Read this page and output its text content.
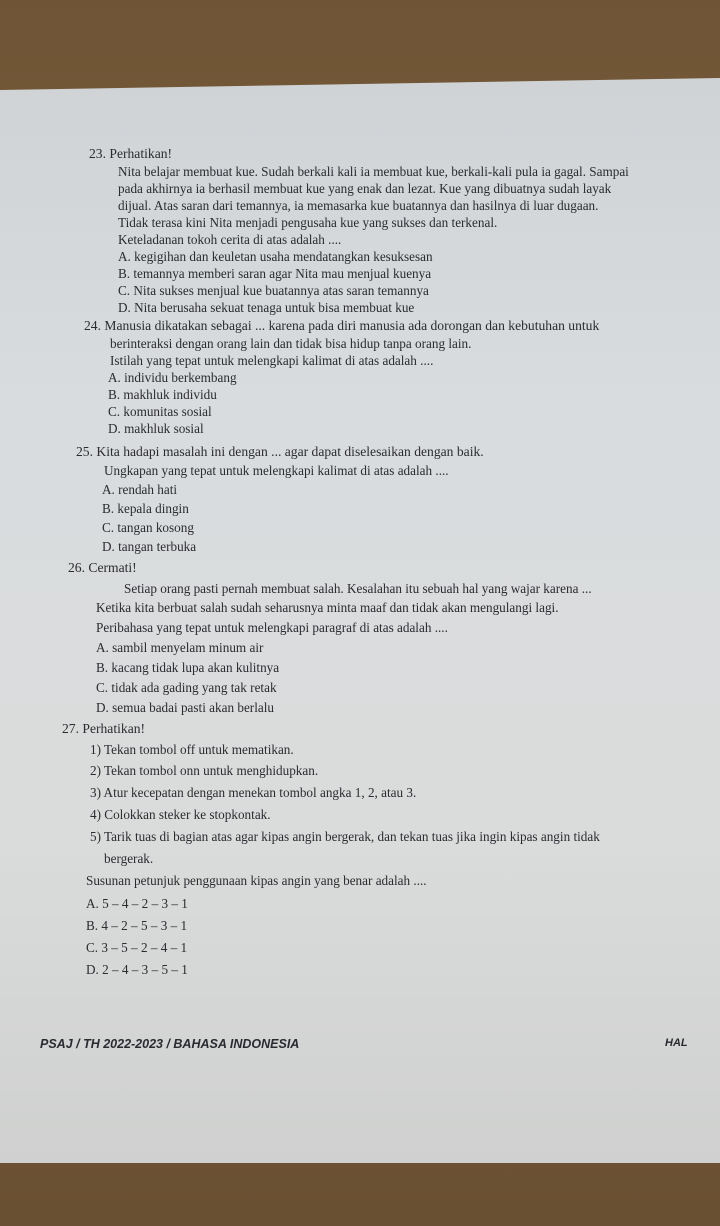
23. Perhatikan!
Nita belajar membuat kue. Sudah berkali kali ia membuat kue, berkali-kali pula ia gagal. Sampai
pada akhirnya ia berhasil membuat kue yang enak dan lezat. Kue yang dibuatnya sudah layak
dijual. Atas saran dari temannya, ia memasarka kue buatannya dan hasilnya di luar dugaan.
Tidak terasa kini Nita menjadi pengusaha kue yang sukses dan terkenal.
Keteladanan tokoh cerita di atas adalah ....
A. kegigihan dan keuletan usaha mendatangkan kesuksesan
B. temannya memberi saran agar Nita mau menjual kuenya
C. Nita sukses menjual kue buatannya atas saran temannya
D. Nita berusaha sekuat tenaga untuk bisa membuat kue
24. Manusia dikatakan sebagai ... karena pada diri manusia ada dorongan dan kebutuhan untuk
berinteraksi dengan orang lain dan tidak bisa hidup tanpa orang lain.
Istilah yang tepat untuk melengkapi kalimat di atas adalah ....
A. individu berkembang
B. makhluk individu
C. komunitas sosial
D. makhluk sosial
25. Kita hadapi masalah ini dengan ... agar dapat diselesaikan dengan baik.
Ungkapan yang tepat untuk melengkapi kalimat di atas adalah ....
A. rendah hati
B. kepala dingin
C. tangan kosong
D. tangan terbuka
26. Cermati!
Setiap orang pasti pernah membuat salah. Kesalahan itu sebuah hal yang wajar karena ...
Ketika kita berbuat salah sudah seharusnya minta maaf dan tidak akan mengulangi lagi.
Peribahasa yang tepat untuk melengkapi paragraf di atas adalah ....
A. sambil menyelam minum air
B. kacang tidak lupa akan kulitnya
C. tidak ada gading yang tak retak
D. semua badai pasti akan berlalu
27. Perhatikan!
1) Tekan tombol off untuk mematikan.
2) Tekan tombol onn untuk menghidupkan.
3) Atur kecepatan dengan menekan tombol angka 1, 2, atau 3.
4) Colokkan steker ke stopkontak.
5) Tarik tuas di bagian atas agar kipas angin bergerak, dan tekan tuas jika ingin kipas angin tidak
bergerak.
Susunan petunjuk penggunaan kipas angin yang benar adalah ....
A. 5 – 4 – 2 – 3 – 1
B. 4 – 2 – 5 – 3 – 1
C. 3 – 5 – 2 – 4 – 1
D. 2 – 4 – 3 – 5 – 1
PSAJ / TH 2022-2023 / BAHASA INDONESIA	HAL
